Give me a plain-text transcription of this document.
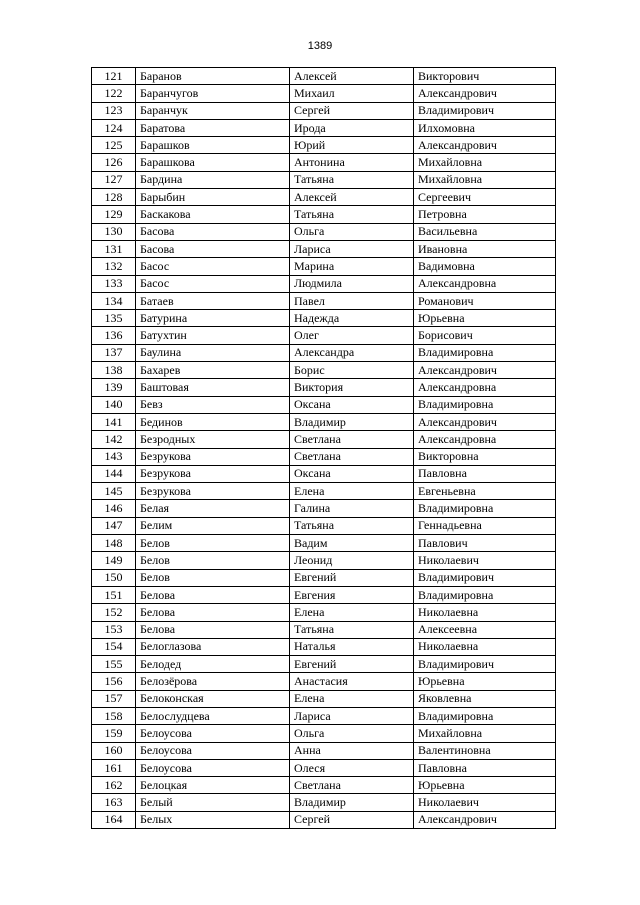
1389
121	Баранов	Алексей	Викторович
122	Баранчугов	Михаил	Александрович
123	Баранчук	Сергей	Владимирович
124	Баратова	Ирода	Илхомовна
125	Барашков	Юрий	Александрович
126	Барашкова	Антонина	Михайловна
127	Бардина	Татьяна	Михайловна
128	Барыбин	Алексей	Сергеевич
129	Баскакова	Татьяна	Петровна
130	Басова	Ольга	Васильевна
131	Басова	Лариса	Ивановна
132	Басос	Марина	Вадимовна
133	Басос	Людмила	Александровна
134	Батаев	Павел	Романович
135	Батурина	Надежда	Юрьевна
136	Батухтин	Олег	Борисович
137	Баулина	Александра	Владимировна
138	Бахарев	Борис	Александрович
139	Баштовая	Виктория	Александровна
140	Бевз	Оксана	Владимировна
141	Бединов	Владимир	Александрович
142	Безродных	Светлана	Александровна
143	Безрукова	Светлана	Викторовна
144	Безрукова	Оксана	Павловна
145	Безрукова	Елена	Евгеньевна
146	Белая	Галина	Владимировна
147	Белим	Татьяна	Геннадьевна
148	Белов	Вадим	Павлович
149	Белов	Леонид	Николаевич
150	Белов	Евгений	Владимирович
151	Белова	Евгения	Владимировна
152	Белова	Елена	Николаевна
153	Белова	Татьяна	Алексеевна
154	Белоглазова	Наталья	Николаевна
155	Белодед	Евгений	Владимирович
156	Белозёрова	Анастасия	Юрьевна
157	Белоконская	Елена	Яковлевна
158	Белослудцева	Лариса	Владимировна
159	Белоусова	Ольга	Михайловна
160	Белоусова	Анна	Валентиновна
161	Белоусова	Олеся	Павловна
162	Белоцкая	Светлана	Юрьевна
163	Белый	Владимир	Николаевич
164	Белых	Сергей	Александрович
